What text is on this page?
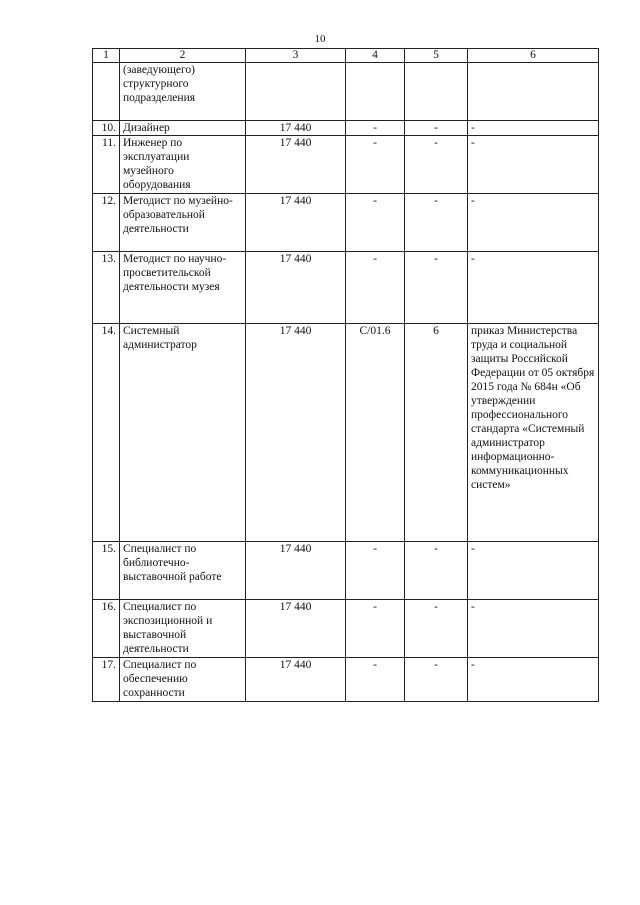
10
1	2	3	4	5	6
	(заведующего) структурного подразделения				
10.	Дизайнер	17 440	-	-	-
11.	Инженер по эксплуатации музейного оборудования	17 440	-	-	-
12.	Методист по музейно-образовательной деятельности	17 440	-	-	-
13.	Методист по научно-просветительской деятельности музея	17 440	-	-	-
14.	Системный администратор	17 440	С/01.6	6	приказ Министерства труда и социальной защиты Российской Федерации от 05 октября 2015 года № 684н «Об утверждении профессионального стандарта «Системный администратор информационно-коммуникационных систем»
15.	Специалист по библиотечно-выставочной работе	17 440	-	-	-
16.	Специалист по экспозиционной и выставочной деятельности	17 440	-	-	-
17.	Специалист по обеспечению сохранности	17 440	-	-	-
